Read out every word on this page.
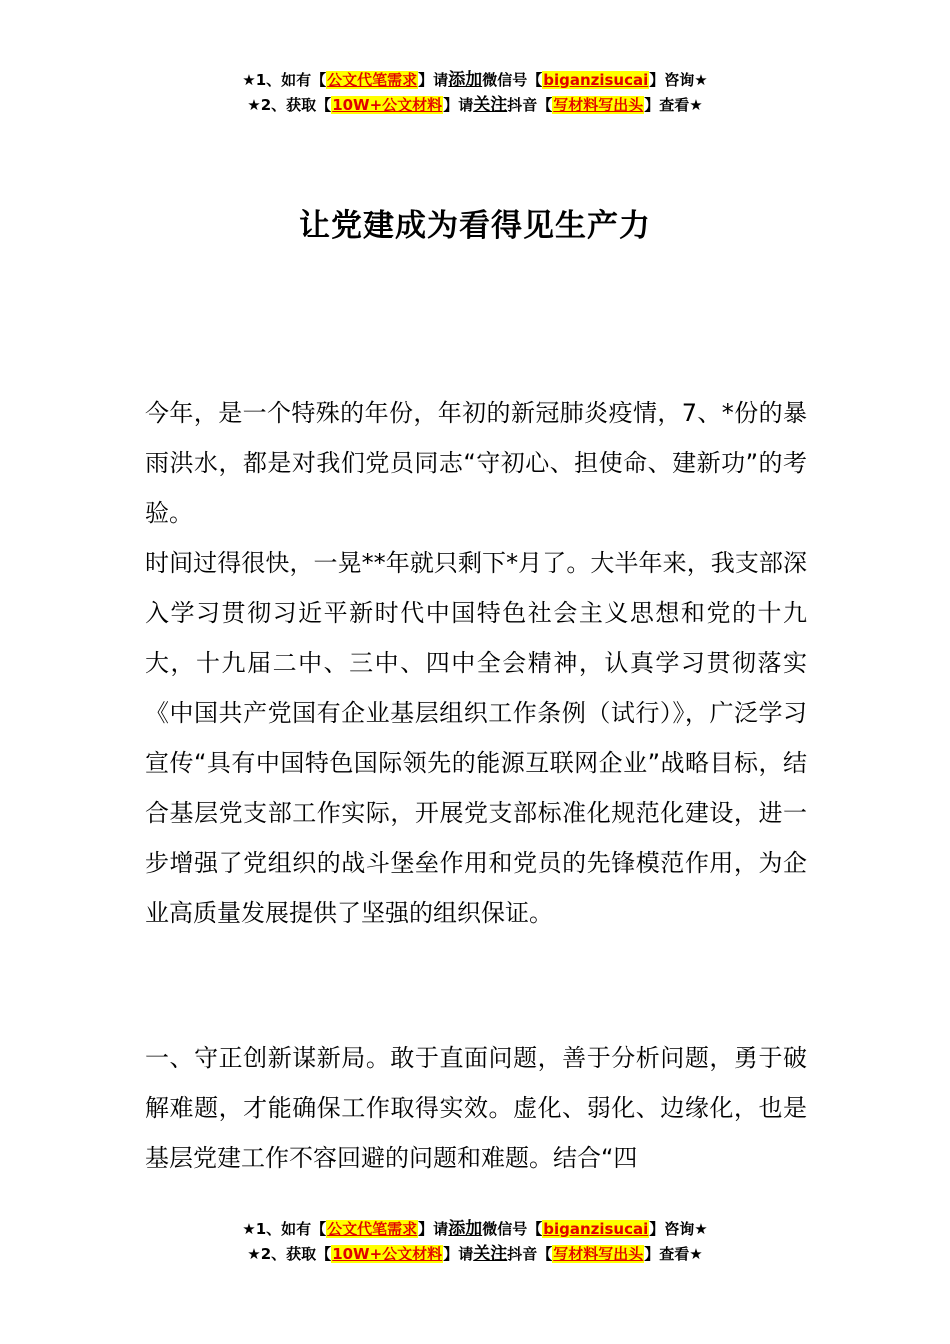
★1、如有【公文代笔需求】请添加微信号【biganzisucai】咨询★
★2、获取【10W+公文材料】请关注抖音【写材料写出头】查看★
让党建成为看得见生产力

今年，是一个特殊的年份，年初的新冠肺炎疫情，7、*份的暴雨洪水，都是对我们党员同志“守初心、担使命、建新功”的考验。

时间过得很快，一晃**年就只剩下*月了。大半年来，我支部深入学习贯彻习近平新时代中国特色社会主义思想和党的十九大，十九届二中、三中、四中全会精神，认真学习贯彻落实《中国共产党国有企业基层组织工作条例（试行）》，广泛学习宣传“具有中国特色国际领先的能源互联网企业”战略目标，结合基层党支部工作实际，开展党支部标准化规范化建设，进一步增强了党组织的战斗堡垒作用和党员的先锋模范作用，为企业高质量发展提供了坚强的组织保证。

一、守正创新谋新局。敢于直面问题，善于分析问题，勇于破解难题，才能确保工作取得实效。虚化、弱化、边缘化，也是基层党建工作不容回避的问题和难题。结合“四

★1、如有【公文代笔需求】请添加微信号【biganzisucai】咨询★
★2、获取【10W+公文材料】请关注抖音【写材料写出头】查看★
